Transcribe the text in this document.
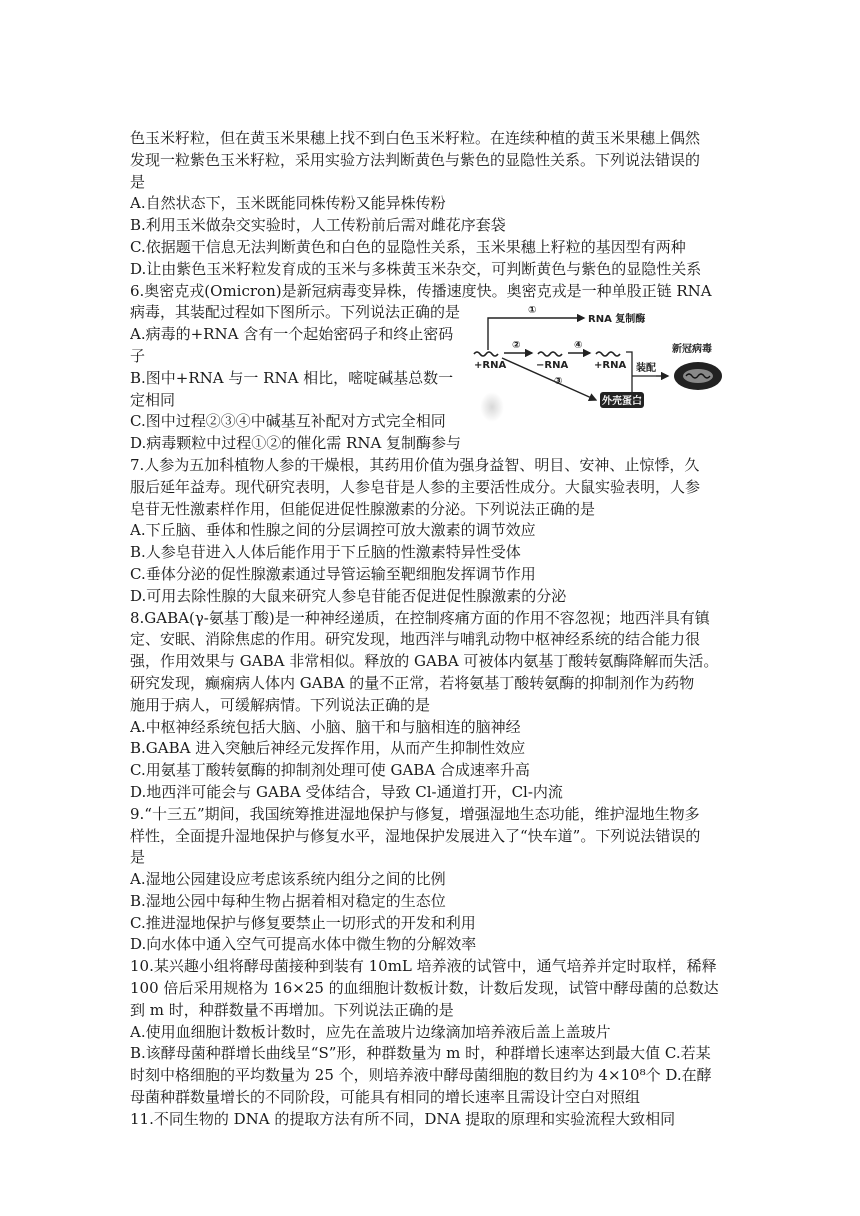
色玉米籽粒，但在黄玉米果穗上找不到白色玉米籽粒。在连续种植的黄玉米果穗上偶然
发现一粒紫色玉米籽粒，采用实验方法判断黄色与紫色的显隐性关系。下列说法错误的
是
A.自然状态下，玉米既能同株传粉又能异株传粉
B.利用玉米做杂交实验时，人工传粉前后需对雌花序套袋
C.依据题干信息无法判断黄色和白色的显隐性关系，玉米果穗上籽粒的基因型有两种
D.让由紫色玉米籽粒发育成的玉米与多株黄玉米杂交，可判断黄色与紫色的显隐性关系
6.奥密克戎(Omicron)是新冠病毒变异株，传播速度快。奥密克戎是一种单股正链 RNA
病毒，其装配过程如下图所示。下列说法正确的是
A.病毒的+RNA 含有一个起始密码子和终止密码子
B.图中+RNA 与一 RNA 相比，嘧啶碱基总数一定相同
C.图中过程②③④中碱基互补配对方式完全相同
D.病毒颗粒中过程①②的催化需 RNA 复制酶参与
7.人参为五加科植物人参的干燥根，其药用价值为强身益智、明目、安神、止惊悸，久
服后延年益寿。现代研究表明，人参皂苷是人参的主要活性成分。大鼠实验表明，人参
皂苷无性激素样作用，但能促进促性腺激素的分泌。下列说法正确的是
A.下丘脑、垂体和性腺之间的分层调控可放大激素的调节效应
B.人参皂苷进入人体后能作用于下丘脑的性激素特异性受体
C.垂体分泌的促性腺激素通过导管运输至靶细胞发挥调节作用
D.可用去除性腺的大鼠来研究人参皂苷能否促进促性腺激素的分泌
8.GABA(γ-氨基丁酸)是一种神经递质，在控制疼痛方面的作用不容忽视；地西泮具有镇
定、安眠、消除焦虑的作用。研究发现，地西泮与哺乳动物中枢神经系统的结合能力很
强，作用效果与 GABA 非常相似。释放的 GABA 可被体内氨基丁酸转氨酶降解而失活。
研究发现，癫痫病人体内 GABA 的量不正常，若将氨基丁酸转氨酶的抑制剂作为药物
施用于病人，可缓解病情。下列说法正确的是
A.中枢神经系统包括大脑、小脑、脑干和与脑相连的脑神经
B.GABA 进入突触后神经元发挥作用，从而产生抑制性效应
C.用氨基丁酸转氨酶的抑制剂处理可使 GABA 合成速率升高
D.地西泮可能会与 GABA 受体结合，导致 Cl-通道打开，Cl-内流
9.“十三五”期间，我国统筹推进湿地保护与修复，增强湿地生态功能，维护湿地生物多
样性，全面提升湿地保护与修复水平，湿地保护发展进入了“快车道”。下列说法错误的
是
A.湿地公园建设应考虑该系统内组分之间的比例
B.湿地公园中每种生物占据着相对稳定的生态位
C.推进湿地保护与修复要禁止一切形式的开发和利用
D.向水体中通入空气可提高水体中微生物的分解效率
10.某兴趣小组将酵母菌接种到装有 10mL 培养液的试管中，通气培养并定时取样，稀释
100 倍后采用规格为 16×25 的血细胞计数板计数，计数后发现，试管中酵母菌的总数达
到 m 时，种群数量不再增加。下列说法正确的是
A.使用血细胞计数板计数时，应先在盖玻片边缘滴加培养液后盖上盖玻片
B.该酵母菌种群增长曲线呈“S”形，种群数量为 m 时，种群增长速率达到最大值 C.若某
时刻中格细胞的平均数量为 25 个，则培养液中酵母菌细胞的数目约为 4×10⁸个 D.在酵
母菌种群数量增长的不同阶段，可能具有相同的增长速率且需设计空白对照组
11.不同生物的 DNA 的提取方法有所不同，DNA 提取的原理和实验流程大致相同
①
RNA 复制酶
+RNA
②
−RNA
④
+RNA
③
外壳蛋白
装配
新冠病毒
